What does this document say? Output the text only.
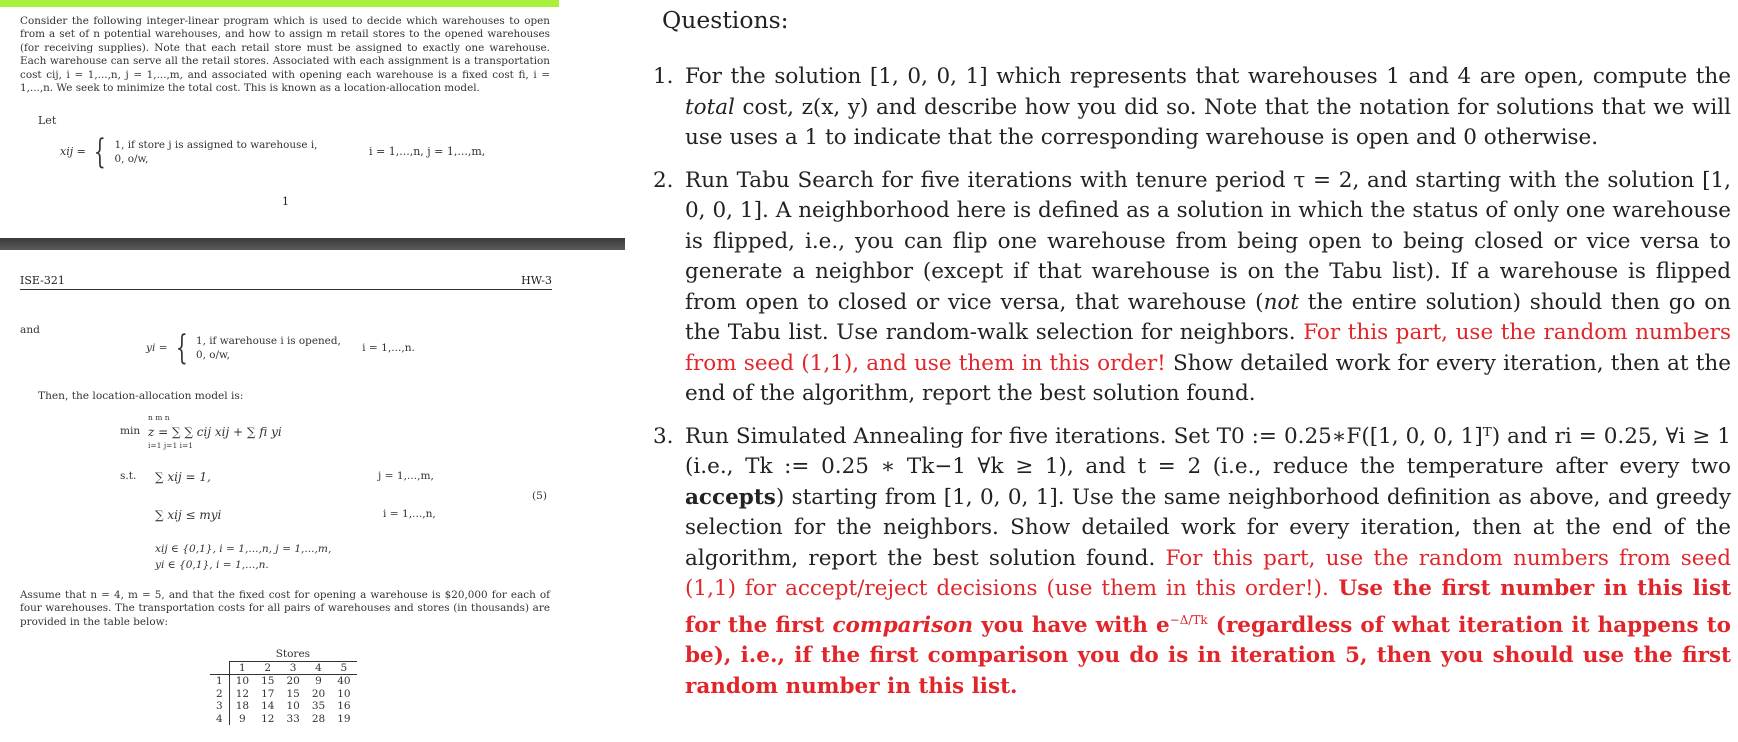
Consider the following integer-linear program which is used to decide which warehouses to open from a set of n potential warehouses, and how to assign m retail stores to the opened warehouses (for receiving supplies). Note that each retail store must be assigned to exactly one warehouse. Each warehouse can serve all the retail stores. Associated with each assignment is a transportation cost cij, i = 1,...,n, j = 1,...,m, and associated with opening each warehouse is a fixed cost fi, i = 1,...,n. We seek to minimize the total cost. This is known as a location-allocation model.
Let
xij = { 1, if store j is assigned to warehouse i,
0, o/w, i = 1,...,n, j = 1,...,m,
1
ISE-321	HW-3
and
yi = { 1, if warehouse i is opened,
0, o/w, i = 1,...,n.
Then, the location-allocation model is:
n m n
min z = ∑ ∑ cij xij + ∑ fi yi
i=1 j=1 i=1
s.t. ∑ xij = 1,	j = 1,...,m,
(5)
∑ xij ≤ myi	i = 1,...,n,
xij ∈ {0,1}, i = 1,...,n, j = 1,...,m,
yi ∈ {0,1}, i = 1,...,n.
Assume that n = 4, m = 5, and that the fixed cost for opening a warehouse is $20,000 for each of four warehouses. The transportation costs for all pairs of warehouses and stores (in thousands) are provided in the table below:
	Stores				
	1	2	3	4	5
1	10	15	20	9	40
2	12	17	15	20	10
3	18	14	10	35	16
4	9	12	33	28	19
Questions:
1. For the solution [1, 0, 0, 1] which represents that warehouses 1 and 4 are open, compute the total cost, z(x, y) and describe how you did so. Note that the notation for solutions that we will use uses a 1 to indicate that the corresponding warehouse is open and 0 otherwise.
2. Run Tabu Search for five iterations with tenure period τ = 2, and starting with the solution [1, 0, 0, 1]. A neighborhood here is defined as a solution in which the status of only one warehouse is flipped, i.e., you can flip one warehouse from being open to being closed or vice versa to generate a neighbor (except if that warehouse is on the Tabu list). If a warehouse is flipped from open to closed or vice versa, that warehouse (not the entire solution) should then go on the Tabu list. Use random-walk selection for neighbors. For this part, use the random numbers from seed (1,1), and use them in this order! Show detailed work for every iteration, then at the end of the algorithm, report the best solution found.
3. Run Simulated Annealing for five iterations. Set T0 := 0.25∗F([1, 0, 0, 1]ᵀ) and ri = 0.25, ∀i ≥ 1 (i.e., Tk := 0.25 ∗ Tk−1 ∀k ≥ 1), and t = 2 (i.e., reduce the temperature after every two accepts) starting from [1, 0, 0, 1]. Use the same neighborhood definition as above, and greedy selection for the neighbors. Show detailed work for every iteration, then at the end of the algorithm, report the best solution found. For this part, use the random numbers from seed (1,1) for accept/reject decisions (use them in this order!). Use the first number in this list for the first comparison you have with $e^{-\Delta/Tk}$ (regardless of what iteration it happens to be), i.e., if the first comparison you do is in iteration 5, then you should use the first random number in this list.
